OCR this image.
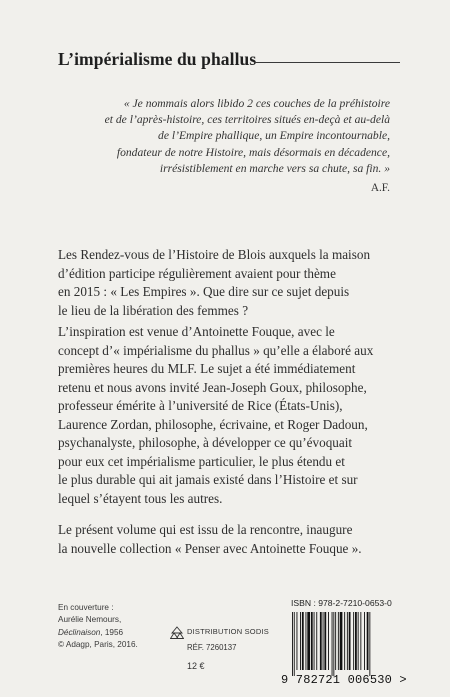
L’impérialisme du phallus
« Je nommais alors libido 2 ces couches de la préhistoire
et de l’après-histoire, ces territoires situés en-deçà et au-delà
de l’Empire phallique, un Empire incontournable,
fondateur de notre Histoire, mais désormais en décadence,
irrésistiblement en marche vers sa chute, sa fin. »
A.F.

Les Rendez-vous de l’Histoire de Blois auxquels la maison
d’édition participe régulièrement avaient pour thème
en 2015 : « Les Empires ». Que dire sur ce sujet depuis
le lieu de la libération des femmes ?

L’inspiration est venue d’Antoinette Fouque, avec le
concept d’« impérialisme du phallus » qu’elle a élaboré aux
premières heures du MLF. Le sujet a été immédiatement
retenu et nous avons invité Jean-Joseph Goux, philosophe,
professeur émérite à l’université de Rice (États-Unis),
Laurence Zordan, philosophe, écrivaine, et Roger Dadoun,
psychanalyste, philosophe, à développer ce qu’évoquait
pour eux cet impérialisme particulier, le plus étendu et
le plus durable qui ait jamais existé dans l’Histoire et sur
lequel s’étayent tous les autres.

Le présent volume qui est issu de la rencontre, inaugure
la nouvelle collection « Penser avec Antoinette Fouque ».

En couverture :
Aurélie Nemours,
Déclinaison, 1956
© Adagp, Paris, 2016.
DISTRIBUTION SODIS
RÉF. 7260137
12 €
ISBN : 978-2-7210-0653-0
9 782721 006530 >
